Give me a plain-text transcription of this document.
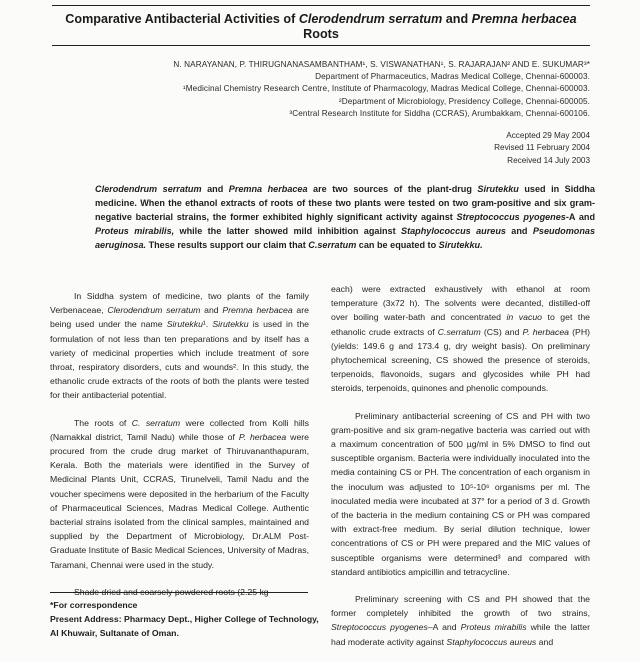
Comparative Antibacterial Activities of Clerodendrum serratum and Premna herbacea
Roots
N. NARAYANAN, P. THIRUGNANASAMBANTHAM¹, S. VISWANATHAN¹, S. RAJARAJAN² AND E. SUKUMAR³*
Department of Pharmaceutics, Madras Medical College, Chennai-600003.
¹Medicinal Chemistry Research Centre, Institute of Pharmacology, Madras Medical College, Chennai-600003.
²Department of Microbiology, Presidency College, Chennai-600005.
³Central Research Institute for Siddha (CCRAS), Arumbakkam, Chennai-600106.
Accepted 29 May 2004
Revised 11 February 2004
Received 14 July 2003
Clerodendrum serratum and Premna herbacea are two sources of the plant-drug Sirutekku used in Siddha medicine. When the ethanol extracts of roots of these two plants were tested on two gram-positive and six gram-negative bacterial strains, the former exhibited highly significant activity against Streptococcus pyogenes-A and Proteus mirabilis, while the latter showed mild inhibition against Staphylococcus aureus and Pseudomonas aeruginosa. These results support our claim that C.serratum can be equated to Sirutekku.

In Siddha system of medicine, two plants of the family Verbenaceae, Clerodendrum serratum and Premna herbacea are being used under the name Sirutekku¹. Sirutekku is used in the formulation of not less than ten preparations and by itself has a variety of medicinal properties which include treatment of sore throat, respiratory disorders, cuts and wounds². In this study, the ethanolic crude extracts of the roots of both the plants were tested for their antibacterial potential.

The roots of C. serratum were collected from Kolli hills (Namakkal district, Tamil Nadu) while those of P. herbacea were procured from the crude drug market of Thiruvananthapuram, Kerala. Both the materials were identified in the Survey of Medicinal Plants Unit, CCRAS, Tirunelveli, Tamil Nadu and the voucher specimens were deposited in the herbarium of the Faculty of Pharmaceutical Sciences, Madras Medical College. Authentic bacterial strains isolated from the clinical samples, maintained and supplied by the Department of Microbiology, Dr.ALM Post-Graduate Institute of Basic Medical Sciences, University of Madras, Taramani, Chennai were used in the study.

Shade dried and coarsely powdered roots (2.25 kg

each) were extracted exhaustively with ethanol at room temperature (3x72 h). The solvents were decanted, distilled-off over boiling water-bath and concentrated in vacuo to get the ethanolic crude extracts of C.serratum (CS) and P. herbacea (PH) (yields: 149.6 g and 173.4 g, dry weight basis). On preliminary phytochemical screening, CS showed the presence of steroids, terpenoids, flavonoids, sugars and glycosides while PH had steroids, terpenoids, quinones and phenolic compounds.

Preliminary antibacterial screening of CS and PH with two gram-positive and six gram-negative bacteria was carried out with a maximum concentration of 500 µg/ml in 5% DMSO to find out susceptible organism. Bacteria were individually inoculated into the media containing CS or PH. The concentration of each organism in the inoculum was adjusted to 10⁵-10⁶ organisms per ml. The inoculated media were incubated at 37° for a period of 3 d. Growth of the bacteria in the medium containing CS or PH was compared with extract-free medium. By serial dilution technique, lower concentrations of CS or PH were prepared and the MIC values of susceptible organisms were determined³ and compared with standard antibiotics ampicillin and tetracycline.

Preliminary screening with CS and PH showed that the former completely inhibited the growth of two strains, Streptococcus pyogenes–A and Proteus mirabilis while the latter had moderate activity against Staphylococcus aureus and

*For correspondence
Present Address: Pharmacy Dept., Higher College of Technology, Al Khuwair, Sultanate of Oman.
